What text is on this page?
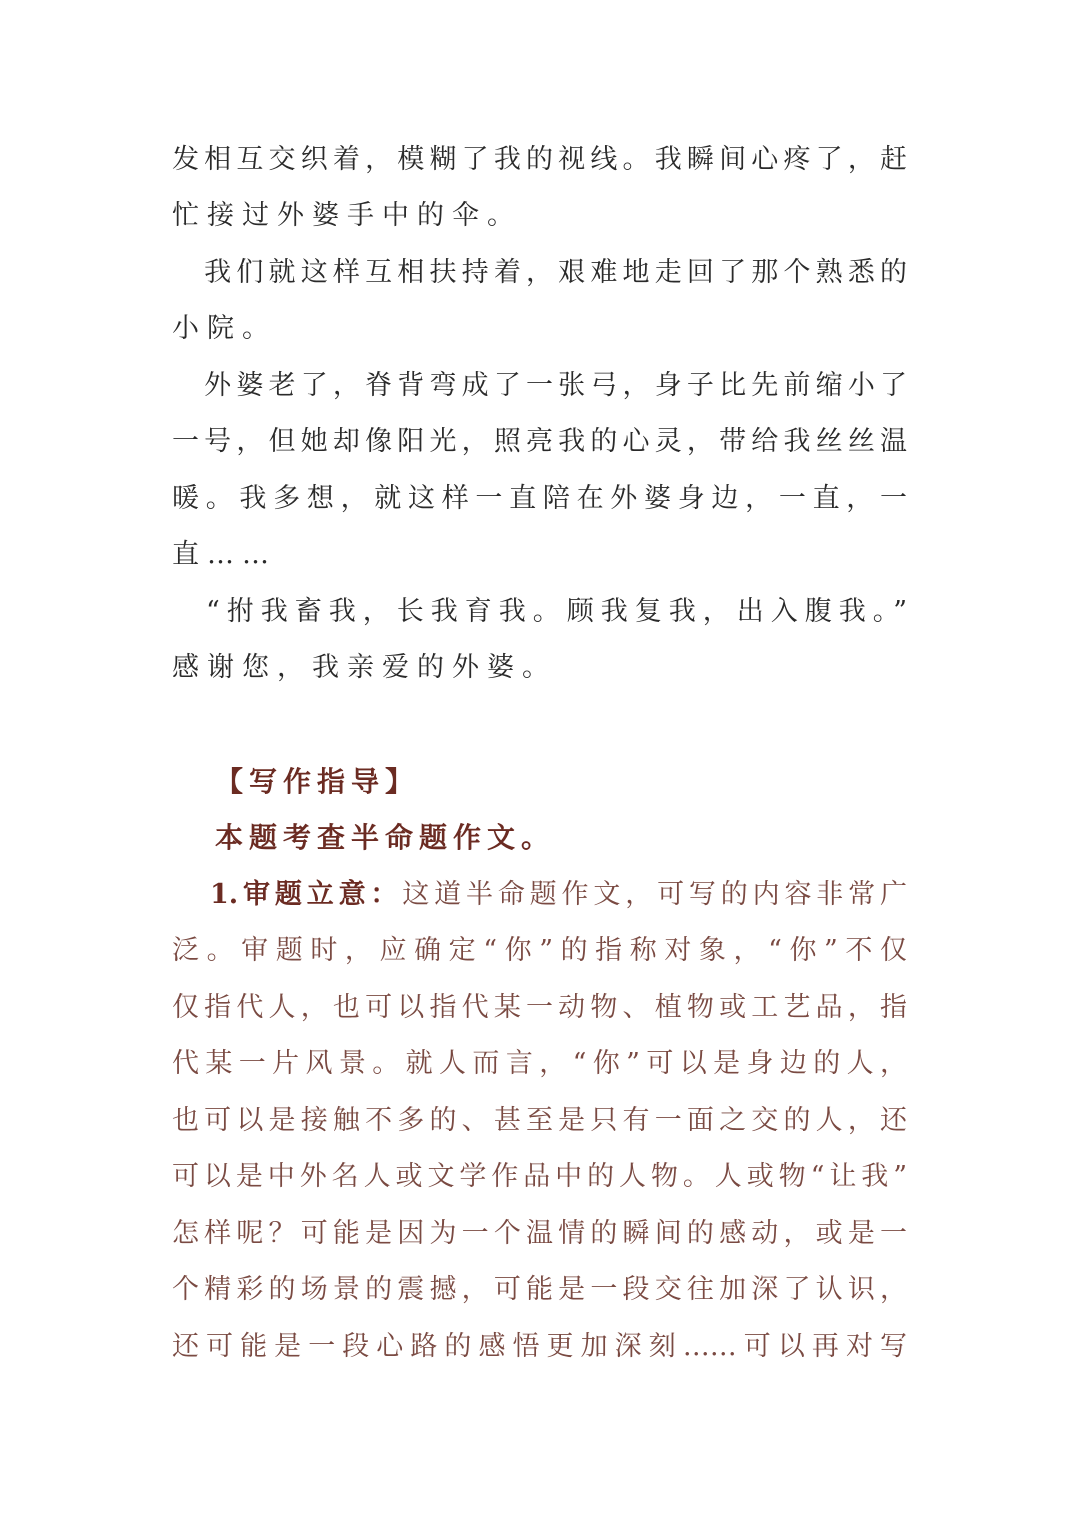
发相互交织着，模糊了我的视线。我瞬间心疼了，赶
忙接过外婆手中的伞。
　我们就这样互相扶持着，艰难地走回了那个熟悉的
小院。
　外婆老了，脊背弯成了一张弓，身子比先前缩小了
一号，但她却像阳光，照亮我的心灵，带给我丝丝温
暖。我多想，就这样一直陪在外婆身边，一直，一
直……
　“拊我畜我，长我育我。顾我复我，出入腹我。”
感谢您，我亲爱的外婆。
【写作指导】
本题考查半命题作文。
1.审题立意：这道半命题作文，可写的内容非常广
泛。审题时，应确定“你”的指称对象，“你”不仅
仅指代人，也可以指代某一动物、植物或工艺品，指
代某一片风景。就人而言，“你”可以是身边的人，
也可以是接触不多的、甚至是只有一面之交的人，还
可以是中外名人或文学作品中的人物。人或物“让我”
怎样呢？可能是因为一个温情的瞬间的感动，或是一
个精彩的场景的震撼，可能是一段交往加深了认识，
还可能是一段心路的感悟更加深刻……可以再对写
